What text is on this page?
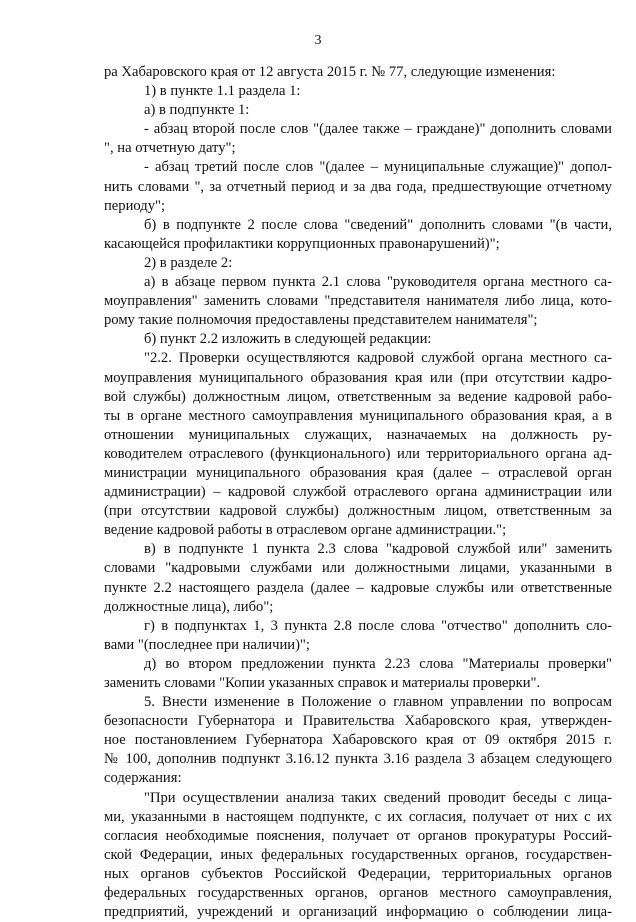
3
ра Хабаровского края от 12 августа 2015 г. № 77, следующие изменения:
1) в пункте 1.1 раздела 1:
а) в подпункте 1:
- абзац второй после слов "(далее также – граждане)" дополнить словами
", на отчетную дату";
- абзац третий после слов "(далее – муниципальные служащие)" допол-
нить словами ", за отчетный период и за два года, предшествующие отчетному
периоду";
б) в подпункте 2 после слова "сведений" дополнить словами "(в части,
касающейся профилактики коррупционных правонарушений)";
2) в разделе 2:
а) в абзаце первом пункта 2.1 слова "руководителя органа местного са-
моуправления" заменить словами "представителя нанимателя либо лица, кото-
рому такие полномочия предоставлены представителем нанимателя";
б) пункт 2.2 изложить в следующей редакции:
"2.2. Проверки осуществляются кадровой службой органа местного са-
моуправления муниципального образования края или (при отсутствии кадро-
вой службы) должностным лицом, ответственным за ведение кадровой рабо-
ты в органе местного самоуправления муниципального образования края, а в
отношении муниципальных служащих, назначаемых на должность ру-
ководителем отраслевого (функционального) или территориального органа ад-
министрации муниципального образования края (далее – отраслевой орган
администрации) – кадровой службой отраслевого органа администрации или
(при отсутствии кадровой службы) должностным лицом, ответственным за
ведение кадровой работы в отраслевом органе администрации.";
в) в подпункте 1 пункта 2.3 слова "кадровой службой или" заменить
словами "кадровыми службами или должностными лицами, указанными в
пункте 2.2 настоящего раздела (далее – кадровые службы или ответственные
должностные лица), либо";
г) в подпунктах 1, 3 пункта 2.8 после слова "отчество" дополнить сло-
вами "(последнее при наличии)";
д) во втором предложении пункта 2.23 слова "Материалы проверки"
заменить словами "Копии указанных справок и материалы проверки".
5. Внести изменение в Положение о главном управлении по вопросам
безопасности Губернатора и Правительства Хабаровского края, утвержден-
ное постановлением Губернатора Хабаровского края от 09 октября 2015 г.
№ 100, дополнив подпункт 3.16.12 пункта 3.16 раздела 3 абзацем следующего
содержания:
"При осуществлении анализа таких сведений проводит беседы с лица-
ми, указанными в настоящем подпункте, с их согласия, получает от них с их
согласия необходимые пояснения, получает от органов прокуратуры Россий-
ской Федерации, иных федеральных государственных органов, государствен-
ных органов субъектов Российской Федерации, территориальных органов
федеральных государственных органов, органов местного самоуправления,
предприятий, учреждений и организаций информацию о соблюдении лица-
